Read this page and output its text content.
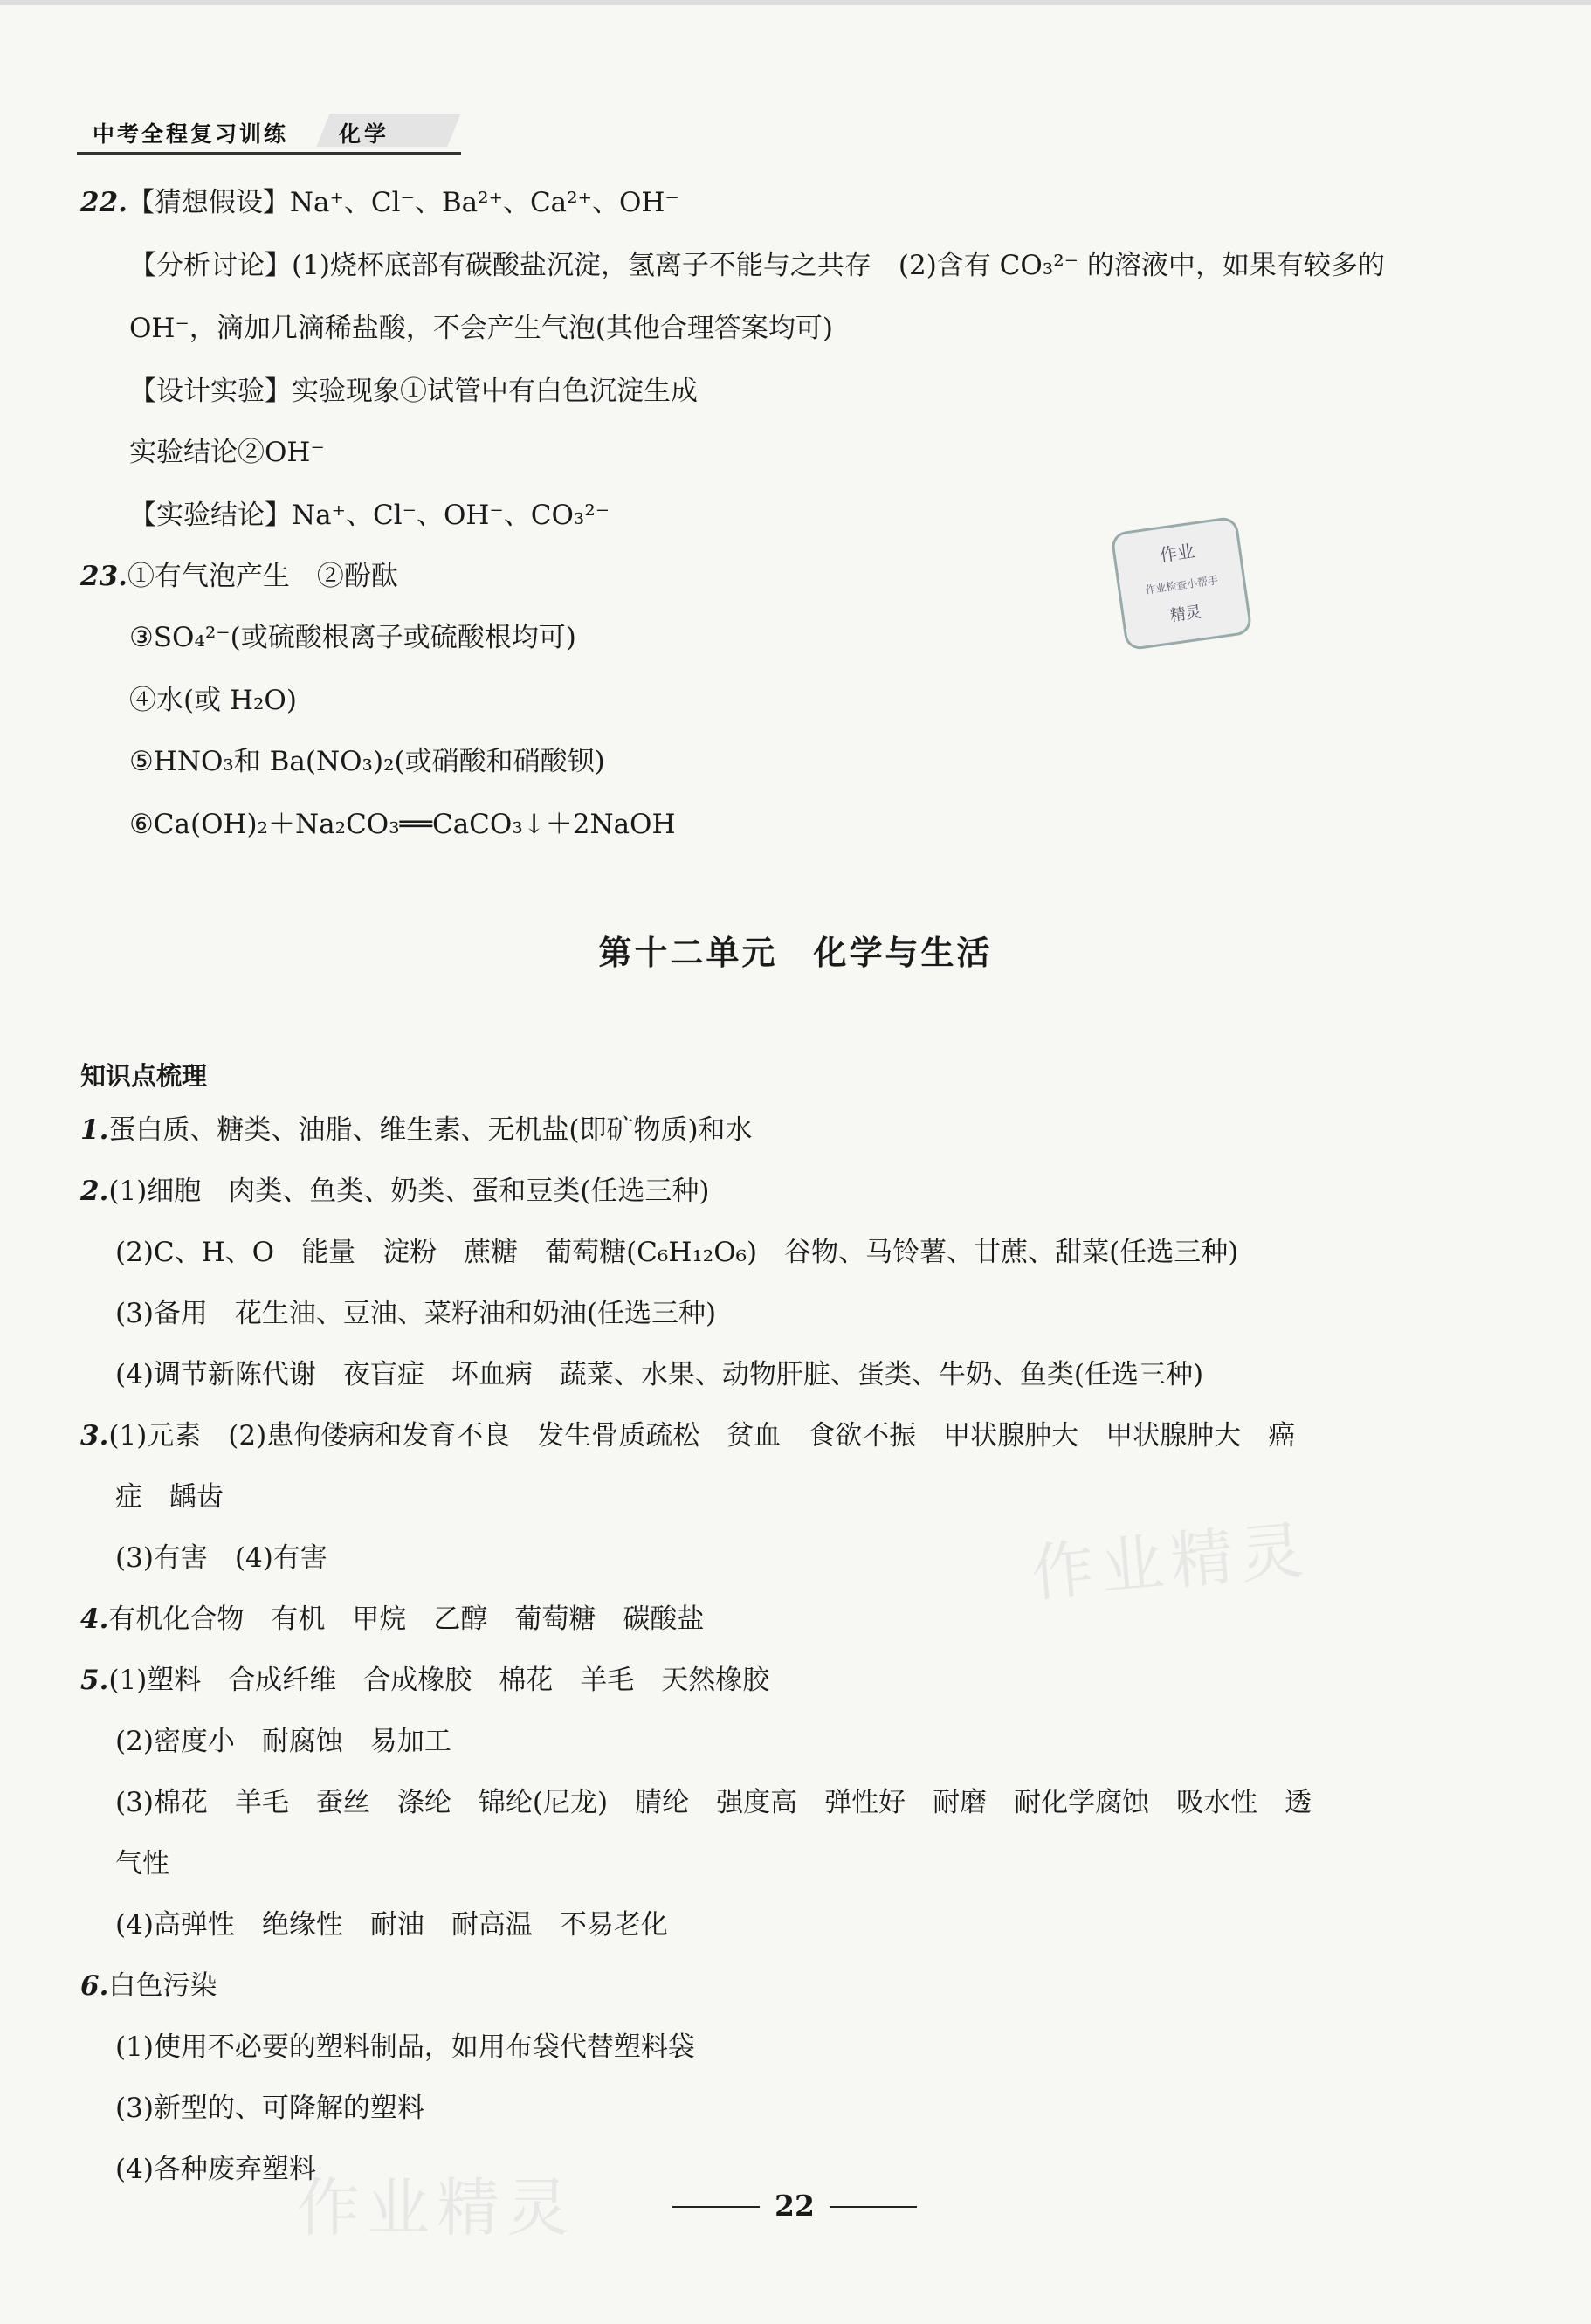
中考全程复习训练 化学
22.【猜想假设】Na⁺、Cl⁻、Ba²⁺、Ca²⁺、OH⁻
【分析讨论】(1)烧杯底部有碳酸盐沉淀，氢离子不能与之共存　(2)含有 CO₃²⁻ 的溶液中，如果有较多的
OH⁻，滴加几滴稀盐酸，不会产生气泡(其他合理答案均可)
【设计实验】实验现象①试管中有白色沉淀生成
实验结论②OH⁻
【实验结论】Na⁺、Cl⁻、OH⁻、CO₃²⁻
23.①有气泡产生　②酚酞
③SO₄²⁻(或硫酸根离子或硫酸根均可)
④水(或 H₂O)
⑤HNO₃和 Ba(NO₃)₂(或硝酸和硝酸钡)
⑥Ca(OH)₂＋Na₂CO₃══CaCO₃↓＋2NaOH
作业
作业检查小帮手
精灵
第十二单元　化学与生活
知识点梳理
1.蛋白质、糖类、油脂、维生素、无机盐(即矿物质)和水
2.(1)细胞　肉类、鱼类、奶类、蛋和豆类(任选三种)
(2)C、H、O　能量　淀粉　蔗糖　葡萄糖(C₆H₁₂O₆)　谷物、马铃薯、甘蔗、甜菜(任选三种)
(3)备用　花生油、豆油、菜籽油和奶油(任选三种)
(4)调节新陈代谢　夜盲症　坏血病　蔬菜、水果、动物肝脏、蛋类、牛奶、鱼类(任选三种)
3.(1)元素　(2)患佝偻病和发育不良　发生骨质疏松　贫血　食欲不振　甲状腺肿大　甲状腺肿大　癌
症　龋齿
(3)有害　(4)有害
4.有机化合物　有机　甲烷　乙醇　葡萄糖　碳酸盐
5.(1)塑料　合成纤维　合成橡胶　棉花　羊毛　天然橡胶
(2)密度小　耐腐蚀　易加工
(3)棉花　羊毛　蚕丝　涤纶　锦纶(尼龙)　腈纶　强度高　弹性好　耐磨　耐化学腐蚀　吸水性　透
气性
(4)高弹性　绝缘性　耐油　耐高温　不易老化
6.白色污染
(1)使用不必要的塑料制品，如用布袋代替塑料袋
(3)新型的、可降解的塑料
(4)各种废弃塑料
作业精灵
作业精灵	22
